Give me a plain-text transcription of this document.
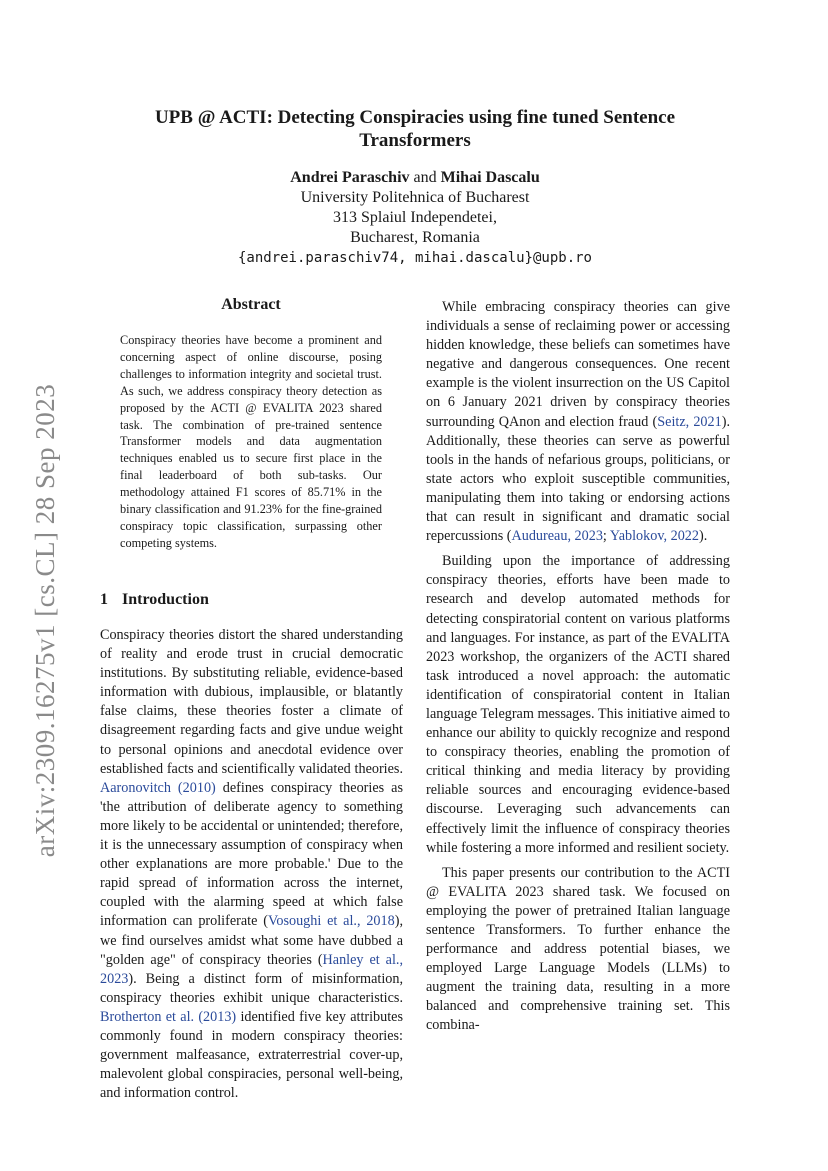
arXiv:2309.16275v1 [cs.CL] 28 Sep 2023
UPB @ ACTI: Detecting Conspiracies using fine tuned Sentence Transformers
Andrei Paraschiv and Mihai Dascalu
University Politehnica of Bucharest
313 Splaiul Independetei,
Bucharest, Romania
{andrei.paraschiv74, mihai.dascalu}@upb.ro
Abstract
Conspiracy theories have become a prominent and concerning aspect of online discourse, posing challenges to information integrity and societal trust. As such, we address conspiracy theory detection as proposed by the ACTI @ EVALITA 2023 shared task. The combination of pre-trained sentence Transformer models and data augmentation techniques enabled us to secure first place in the final leaderboard of both sub-tasks. Our methodology attained F1 scores of 85.71% in the binary classification and 91.23% for the fine-grained conspiracy topic classification, surpassing other competing systems.
1 Introduction

Conspiracy theories distort the shared understanding of reality and erode trust in crucial democratic institutions. By substituting reliable, evidence-based information with dubious, implausible, or blatantly false claims, these theories foster a climate of disagreement regarding facts and give undue weight to personal opinions and anecdotal evidence over established facts and scientifically validated theories. Aaronovitch (2010) defines conspiracy theories as 'the attribution of deliberate agency to something more likely to be accidental or unintended; therefore, it is the unnecessary assumption of conspiracy when other explanations are more probable.' Due to the rapid spread of information across the internet, coupled with the alarming speed at which false information can proliferate (Vosoughi et al., 2018), we find ourselves amidst what some have dubbed a "golden age" of conspiracy theories (Hanley et al., 2023). Being a distinct form of misinformation, conspiracy theories exhibit unique characteristics. Brotherton et al. (2013) identified five key attributes commonly found in modern conspiracy theories: government malfeasance, extraterrestrial cover-up, malevolent global conspiracies, personal well-being, and information control.

While embracing conspiracy theories can give individuals a sense of reclaiming power or accessing hidden knowledge, these beliefs can sometimes have negative and dangerous consequences. One recent example is the violent insurrection on the US Capitol on 6 January 2021 driven by conspiracy theories surrounding QAnon and election fraud (Seitz, 2021). Additionally, these theories can serve as powerful tools in the hands of nefarious groups, politicians, or state actors who exploit susceptible communities, manipulating them into taking or endorsing actions that can result in significant and dramatic social repercussions (Audureau, 2023; Yablokov, 2022).

Building upon the importance of addressing conspiracy theories, efforts have been made to research and develop automated methods for detecting conspiratorial content on various platforms and languages. For instance, as part of the EVALITA 2023 workshop, the organizers of the ACTI shared task introduced a novel approach: the automatic identification of conspiratorial content in Italian language Telegram messages. This initiative aimed to enhance our ability to quickly recognize and respond to conspiracy theories, enabling the promotion of critical thinking and media literacy by providing reliable sources and encouraging evidence-based discourse. Leveraging such advancements can effectively limit the influence of conspiracy theories while fostering a more informed and resilient society.

This paper presents our contribution to the ACTI @ EVALITA 2023 shared task. We focused on employing the power of pretrained Italian language sentence Transformers. To further enhance the performance and address potential biases, we employed Large Language Models (LLMs) to augment the training data, resulting in a more balanced and comprehensive training set. This combina-
